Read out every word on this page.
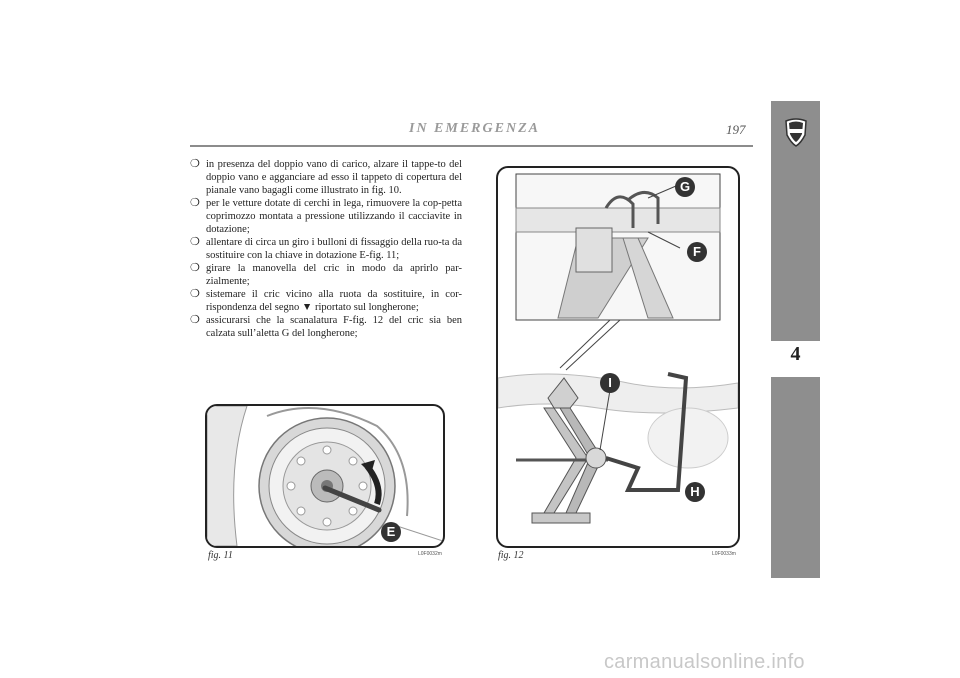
IN EMERGENZA	197
4
❍ in presenza del doppio vano di carico, alzare il tappe-to del doppio vano e agganciare ad esso il tappeto di copertura del pianale vano bagagli come illustrato in fig. 10.
❍ per le vetture dotate di cerchi in lega, rimuovere la cop-petta coprimozzo montata a pressione utilizzando il cacciavite in dotazione;
❍ allentare di circa un giro i bulloni di fissaggio della ruo-ta da sostituire con la chiave in dotazione E-fig. 11;
❍ girare la manovella del cric in modo da aprirlo par-zialmente;
❍ sistemare il cric vicino alla ruota da sostituire, in cor-rispondenza del segno ▼ riportato sul longherone;
❍ assicurarsi che la scanalatura F-fig. 12 del cric sia ben calzata sull’aletta G del longherone;
E
fig. 11	L0F0032m
G
F
I
H
fig. 12	L0F0033m
carmanualsonline.info
